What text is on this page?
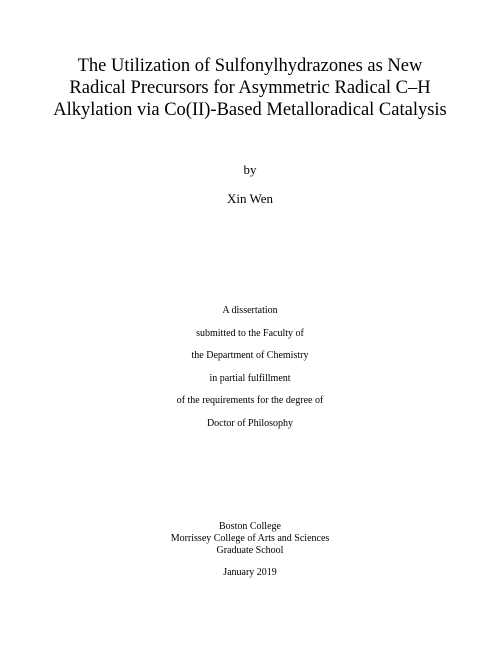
The Utilization of Sulfonylhydrazones as New
Radical Precursors for Asymmetric Radical C–H
Alkylation via Co(II)-Based Metalloradical Catalysis
by
Xin Wen
A dissertation
submitted to the Faculty of
the Department of Chemistry
in partial fulfillment
of the requirements for the degree of
Doctor of Philosophy
Boston College
Morrissey College of Arts and Sciences
Graduate School
January 2019
